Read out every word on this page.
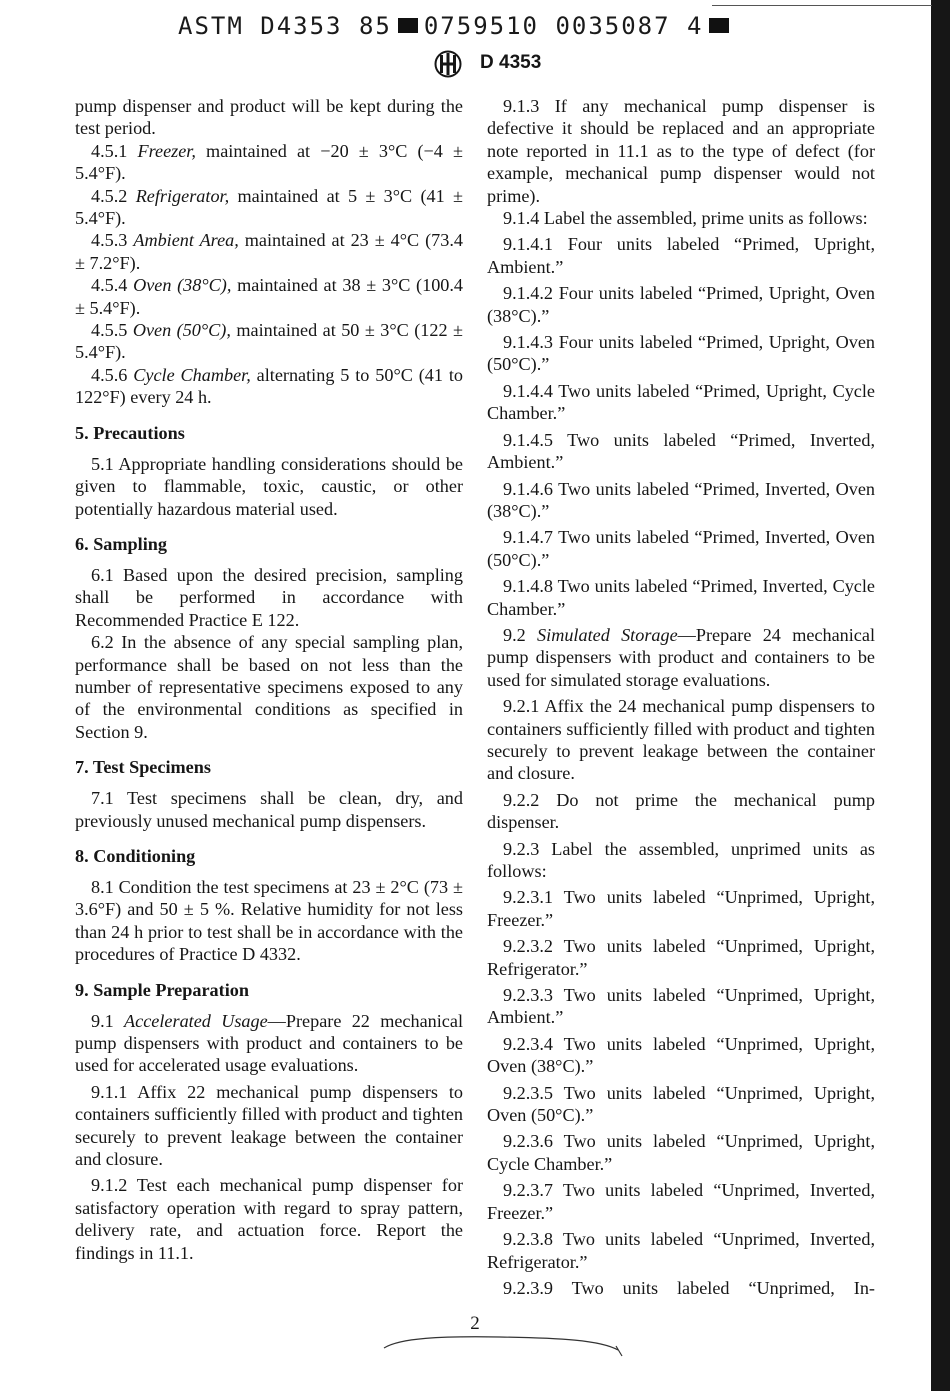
ASTM D4353 85 0759510 0035087 4
D 4353

pump dispenser and product will be kept during the test period.

4.5.1 Freezer, maintained at −20 ± 3°C (−4 ± 5.4°F).

4.5.2 Refrigerator, maintained at 5 ± 3°C (41 ± 5.4°F).

4.5.3 Ambient Area, maintained at 23 ± 4°C (73.4 ± 7.2°F).

4.5.4 Oven (38°C), maintained at 38 ± 3°C (100.4 ± 5.4°F).

4.5.5 Oven (50°C), maintained at 50 ± 3°C (122 ± 5.4°F).

4.5.6 Cycle Chamber, alternating 5 to 50°C (41 to 122°F) every 24 h.

5. Precautions

5.1 Appropriate handling considerations should be given to flammable, toxic, caustic, or other potentially hazardous material used.

6. Sampling

6.1 Based upon the desired precision, sampling shall be performed in accordance with Recommended Practice E 122.

6.2 In the absence of any special sampling plan, performance shall be based on not less than the number of representative specimens exposed to any of the environmental conditions as specified in Section 9.

7. Test Specimens

7.1 Test specimens shall be clean, dry, and previously unused mechanical pump dispensers.

8. Conditioning

8.1 Condition the test specimens at 23 ± 2°C (73 ± 3.6°F) and 50 ± 5 %. Relative humidity for not less than 24 h prior to test shall be in accordance with the procedures of Practice D 4332.

9. Sample Preparation

9.1 Accelerated Usage—Prepare 22 mechanical pump dispensers with product and containers to be used for accelerated usage evaluations.

9.1.1 Affix 22 mechanical pump dispensers to containers sufficiently filled with product and tighten securely to prevent leakage between the container and closure.

9.1.2 Test each mechanical pump dispenser for satisfactory operation with regard to spray pattern, delivery rate, and actuation force. Report the findings in 11.1.

9.1.3 If any mechanical pump dispenser is defective it should be replaced and an appropriate note reported in 11.1 as to the type of defect (for example, mechanical pump dispenser would not prime).

9.1.4 Label the assembled, prime units as follows:

9.1.4.1 Four units labeled “Primed, Upright, Ambient.”

9.1.4.2 Four units labeled “Primed, Upright, Oven (38°C).”

9.1.4.3 Four units labeled “Primed, Upright, Oven (50°C).”

9.1.4.4 Two units labeled “Primed, Upright, Cycle Chamber.”

9.1.4.5 Two units labeled “Primed, Inverted, Ambient.”

9.1.4.6 Two units labeled “Primed, Inverted, Oven (38°C).”

9.1.4.7 Two units labeled “Primed, Inverted, Oven (50°C).”

9.1.4.8 Two units labeled “Primed, Inverted, Cycle Chamber.”

9.2 Simulated Storage—Prepare 24 mechanical pump dispensers with product and containers to be used for simulated storage evaluations.

9.2.1 Affix the 24 mechanical pump dispensers to containers sufficiently filled with product and tighten securely to prevent leakage between the container and closure.

9.2.2 Do not prime the mechanical pump dispenser.

9.2.3 Label the assembled, unprimed units as follows:

9.2.3.1 Two units labeled “Unprimed, Upright, Freezer.”

9.2.3.2 Two units labeled “Unprimed, Upright, Refrigerator.”

9.2.3.3 Two units labeled “Unprimed, Upright, Ambient.”

9.2.3.4 Two units labeled “Unprimed, Upright, Oven (38°C).”

9.2.3.5 Two units labeled “Unprimed, Upright, Oven (50°C).”

9.2.3.6 Two units labeled “Unprimed, Upright, Cycle Chamber.”

9.2.3.7 Two units labeled “Unprimed, Inverted, Freezer.”

9.2.3.8 Two units labeled “Unprimed, Inverted, Refrigerator.”

9.2.3.9 Two units labeled “Unprimed, In-

2
